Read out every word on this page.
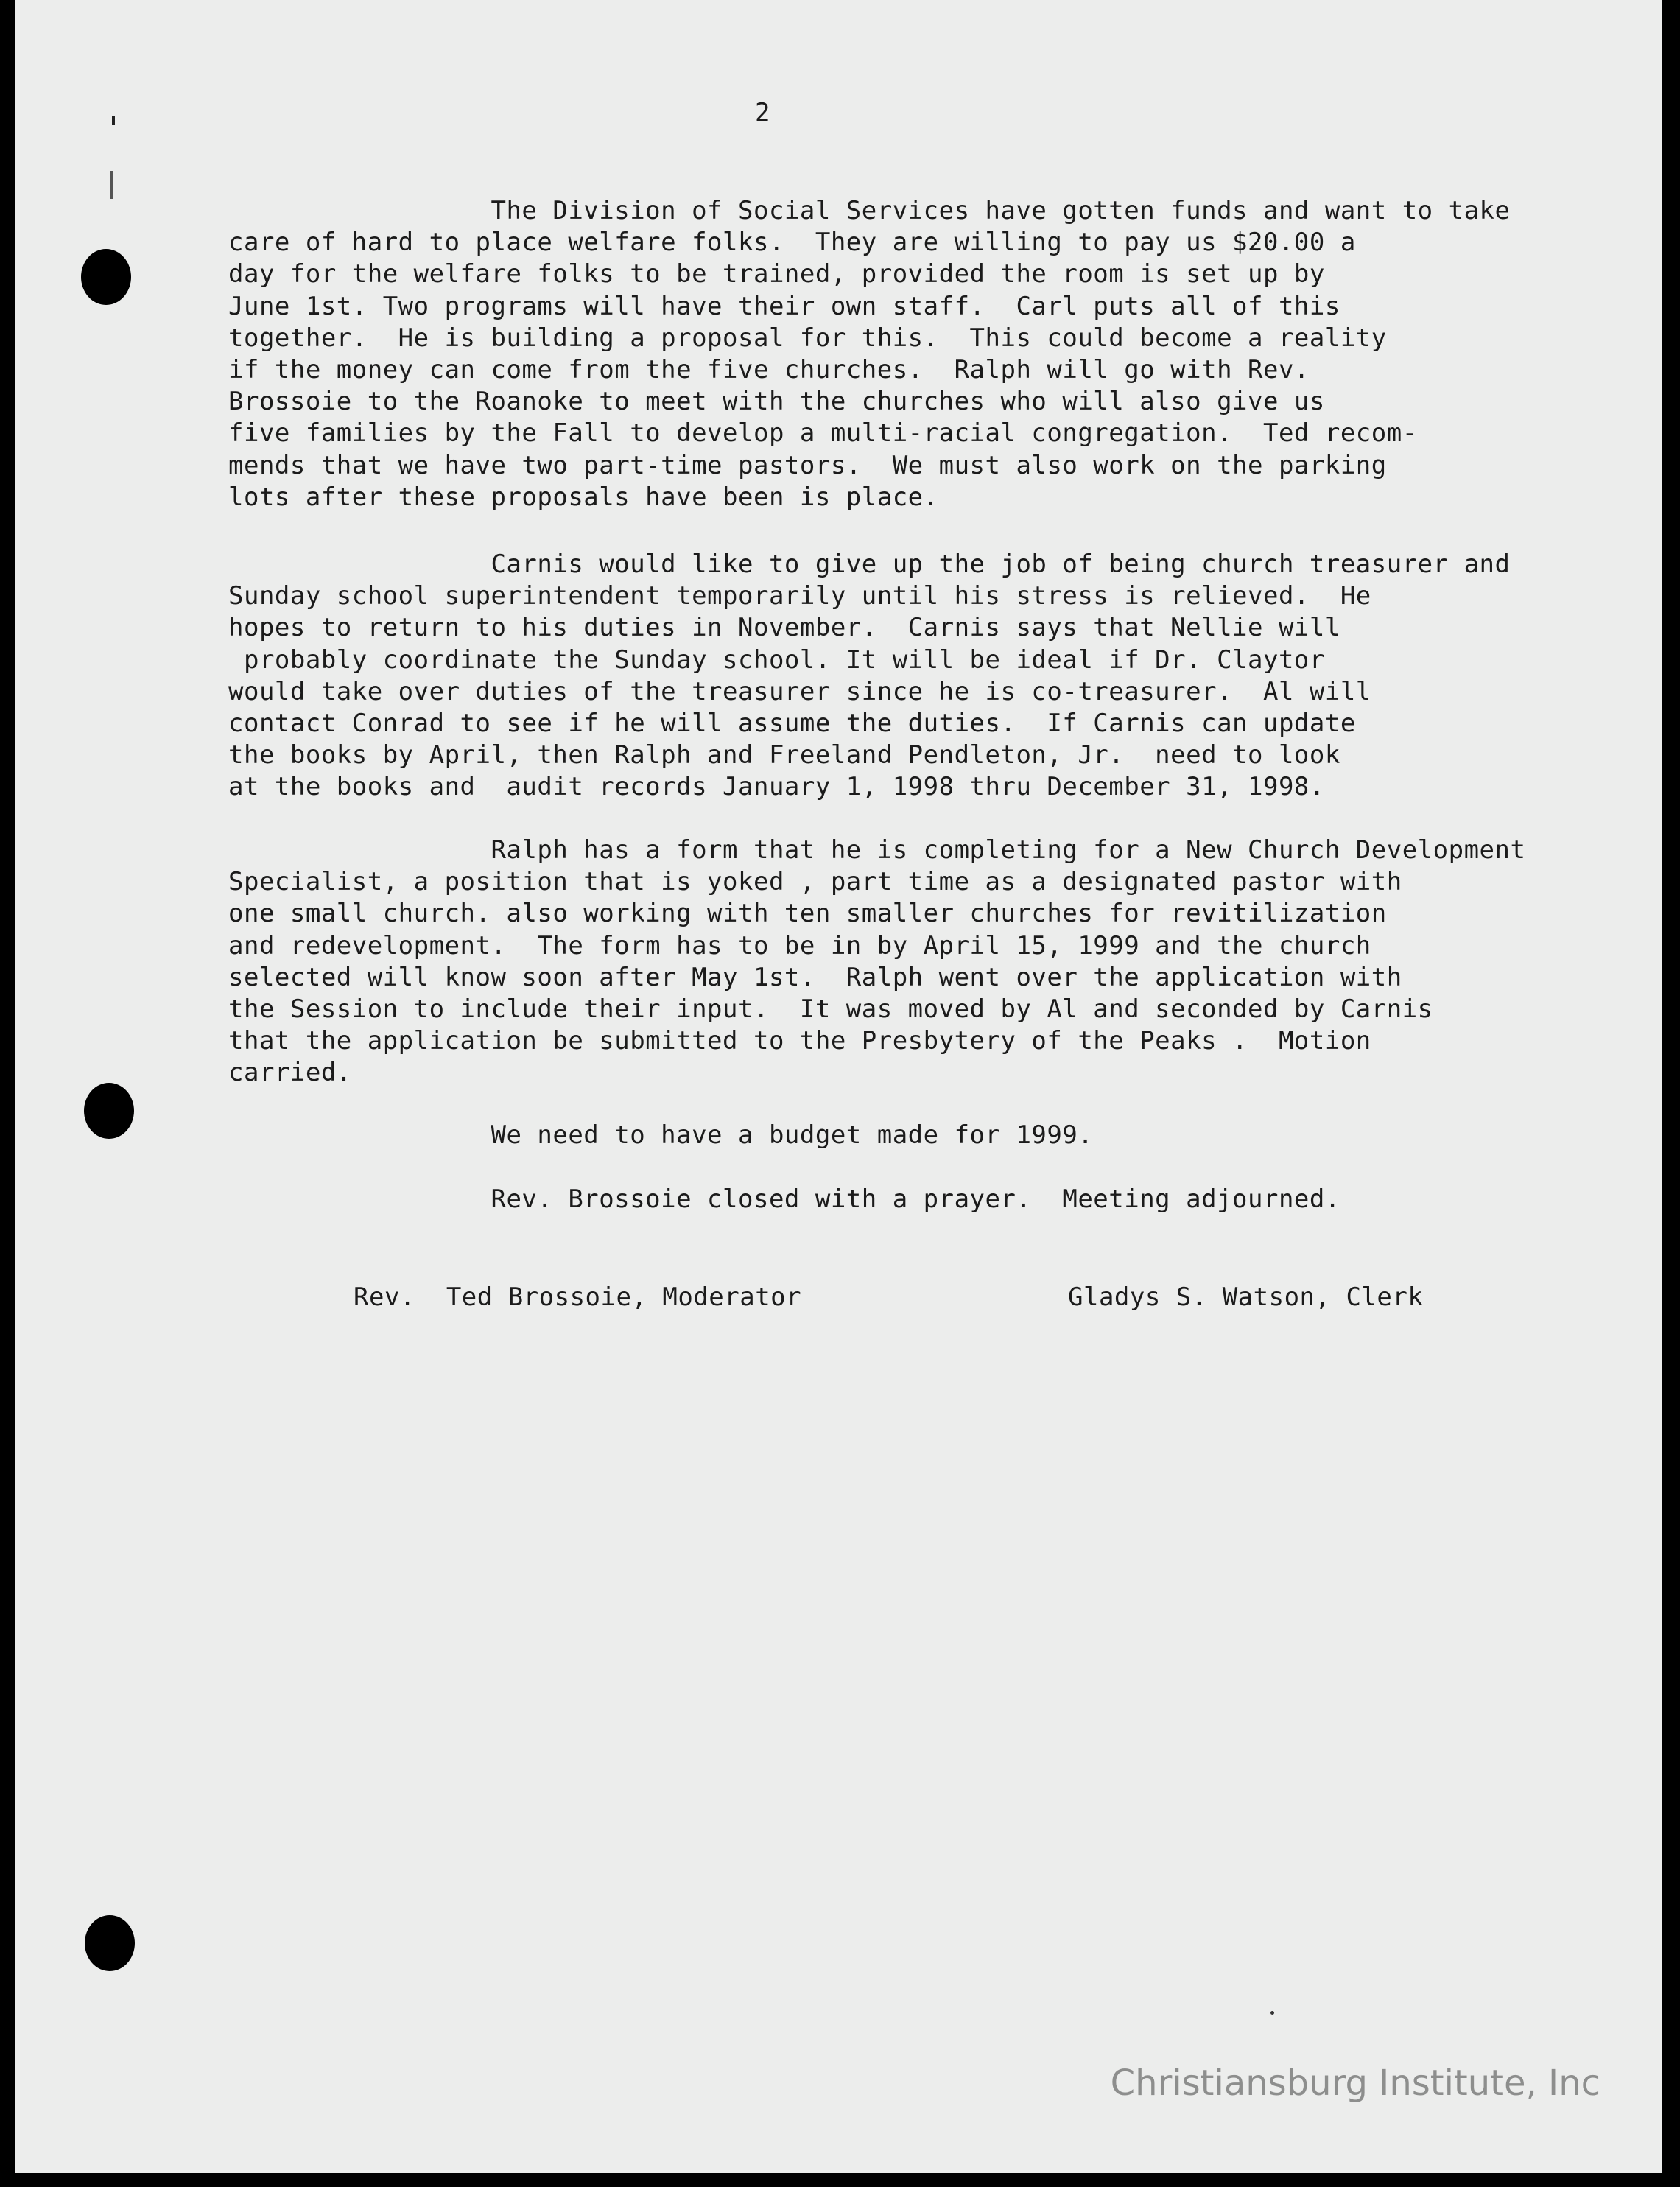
2
The Division of Social Services have gotten funds and want to take
care of hard to place welfare folks.  They are willing to pay us $20.00 a
day for the welfare folks to be trained, provided the room is set up by
June 1st. Two programs will have their own staff.  Carl puts all of this
together.  He is building a proposal for this.  This could become a reality
if the money can come from the five churches.  Ralph will go with Rev.
Brossoie to the Roanoke to meet with the churches who will also give us
five families by the Fall to develop a multi-racial congregation.  Ted recom-
mends that we have two part-time pastors.  We must also work on the parking
lots after these proposals have been is place.
Carnis would like to give up the job of being church treasurer and
Sunday school superintendent temporarily until his stress is relieved.  He
hopes to return to his duties in November.  Carnis says that Nellie will
probably coordinate the Sunday school. It will be ideal if Dr. Claytor
would take over duties of the treasurer since he is co-treasurer.  Al will
contact Conrad to see if he will assume the duties.  If Carnis can update
the books by April, then Ralph and Freeland Pendleton, Jr.  need to look
at the books and  audit records January 1, 1998 thru December 31, 1998.
Ralph has a form that he is completing for a New Church Development
Specialist, a position that is yoked , part time as a designated pastor with
one small church. also working with ten smaller churches for revitilization
and redevelopment.  The form has to be in by April 15, 1999 and the church
selected will know soon after May 1st.  Ralph went over the application with
the Session to include their input.  It was moved by Al and seconded by Carnis
that the application be submitted to the Presbytery of the Peaks .  Motion
carried.
We need to have a budget made for 1999.
Rev. Brossoie closed with a prayer.  Meeting adjourned.
Rev.  Ted Brossoie, Moderator	Gladys S. Watson, Clerk
Christiansburg Institute, Inc
